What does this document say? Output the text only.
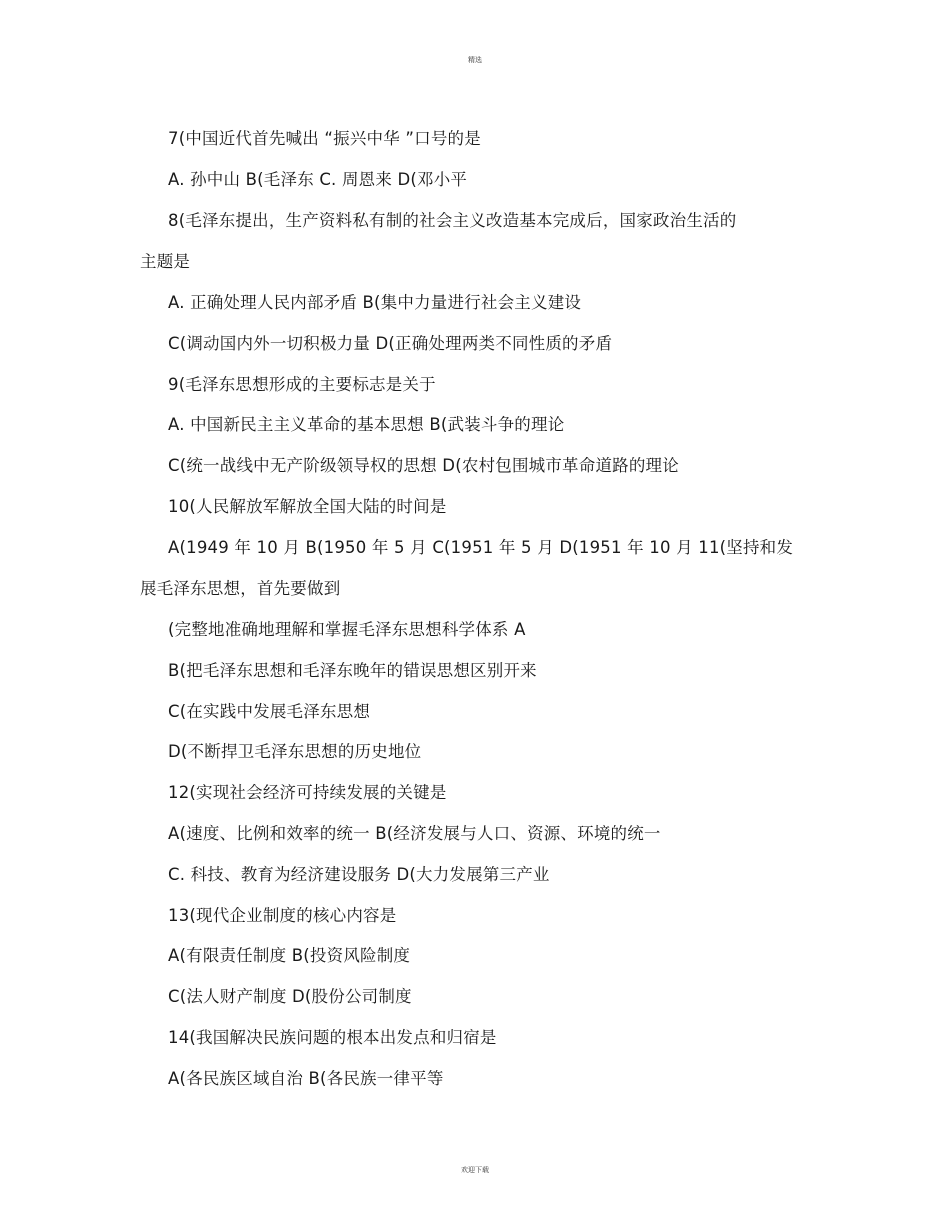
精选
7(中国近代首先喊出 “振兴中华 ”口号的是
A. 孙中山 B(毛泽东 C. 周恩来 D(邓小平
8(毛泽东提出，生产资料私有制的社会主义改造基本完成后，国家政治生活的
主题是
A. 正确处理人民内部矛盾 B(集中力量进行社会主义建设
C(调动国内外一切积极力量 D(正确处理两类不同性质的矛盾
9(毛泽东思想形成的主要标志是关于
A. 中国新民主主义革命的基本思想 B(武装斗争的理论
C(统一战线中无产阶级领导权的思想 D(农村包围城市革命道路的理论
10(人民解放军解放全国大陆的时间是
A(1949 年 10 月 B(1950 年 5 月 C(1951 年 5 月 D(1951 年 10 月 11(坚持和发
展毛泽东思想，首先要做到
(完整地准确地理解和掌握毛泽东思想科学体系 A
B(把毛泽东思想和毛泽东晚年的错误思想区别开来
C(在实践中发展毛泽东思想
D(不断捍卫毛泽东思想的历史地位
12(实现社会经济可持续发展的关键是
A(速度、比例和效率的统一 B(经济发展与人口、资源、环境的统一
C. 科技、教育为经济建设服务 D(大力发展第三产业
13(现代企业制度的核心内容是
A(有限责任制度 B(投资风险制度
C(法人财产制度 D(股份公司制度
14(我国解决民族问题的根本出发点和归宿是
A(各民族区域自治 B(各民族一律平等
欢迎下载
